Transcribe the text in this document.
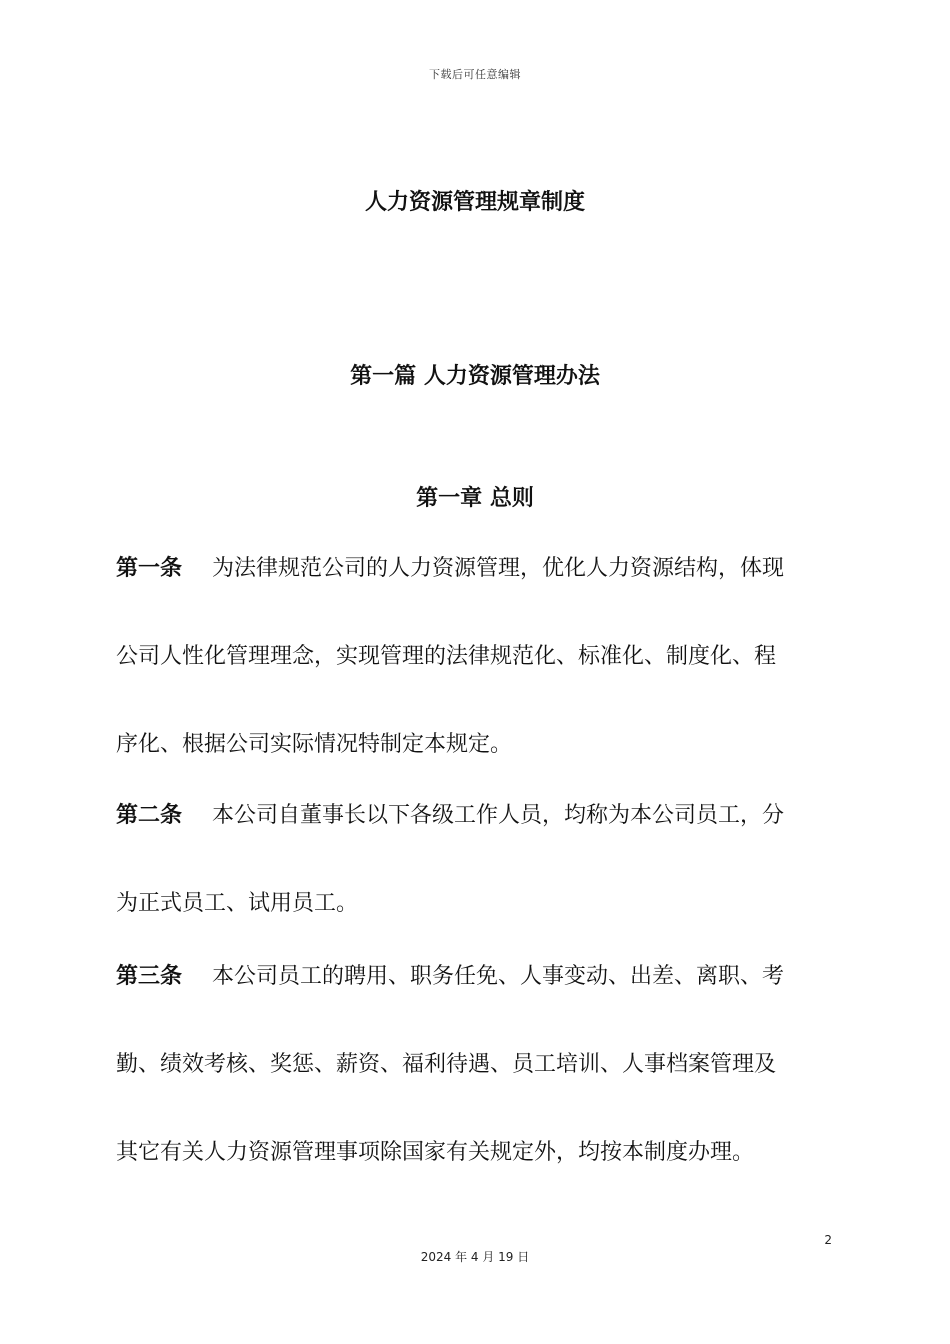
下载后可任意编辑
人力资源管理规章制度
第一篇 人力资源管理办法
第一章 总则
第一条 为法律规范公司的人力资源管理，优化人力资源结构，体现
公司人性化管理理念，实现管理的法律规范化、标准化、制度化、程
序化、根据公司实际情况特制定本规定。
第二条 本公司自董事长以下各级工作人员，均称为本公司员工，分
为正式员工、试用员工。
第三条 本公司员工的聘用、职务任免、人事变动、出差、离职、考
勤、绩效考核、奖惩、薪资、福利待遇、员工培训、人事档案管理及
其它有关人力资源管理事项除国家有关规定外，均按本制度办理。
2
2024 年 4 月 19 日
